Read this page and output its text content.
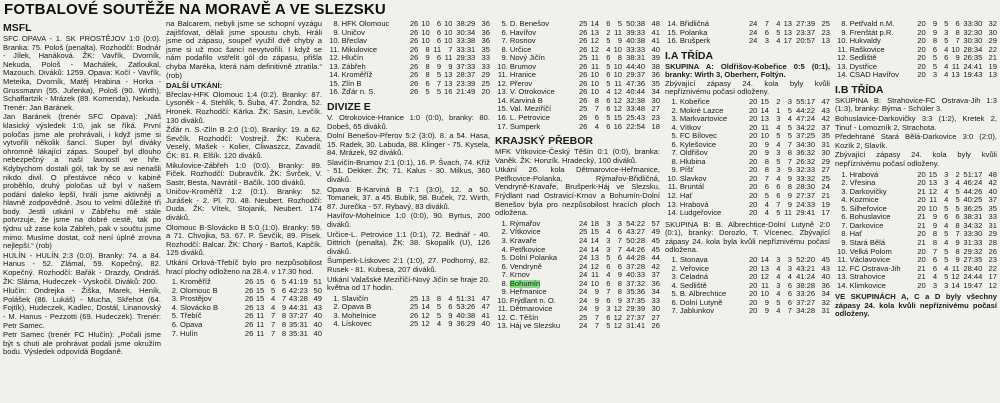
FOTBALOVÉ SOUTĚŽE NA MORAVĚ A VE SLEZSKU
MSFL

SFC OPAVA - 1. SK PROSTĚJOV 1:0 (0:0). Branka: 75. Pološ (penalta). Rozhodčí: Bodnár - Jílek, Hanáková. ŽK: Vavřík, Dvorník, Nekuda, Pološ - Machálek, Zatloukal, Mazouch. Diváků: 1259. Opava: Kočí - Vavřík, Meteika, Dvorník, Matěj Hrabina - Horka - Grussmann (55. Juřenka), Pološ (90. Wirth), Schaffartzik - Mrázek (89. Komenda), Nekuda. Trenér: Jan Baránek.

Jan Baránek (trenér SFC Opava): „Náš klasický výsledek 1:0, jak se říká. První poločas jsme ale prohrávali, i když jsme si vytvořili několik šancí. Super byl diváky ohromně lákající zápas. Soupeř byl dlouho nebezpečný a naší laxností ve hře. Kdybychom dostali gól, tak by se asi nenašli nikdo divil. O přestávce něco v kabině proběhlo, druhý poločas už byl v našem podání daleko lepší, hráli jsme aktivněji a hlavně zodpovědně. Jsou to velmi důležité tři body. Jestli utkání v Zábřehu mě stále potvrzuje, že jsme na dobré cestě, tak po týdnu už zase kola Zábřeh, pak v součtu jsme mimo. Musíme dostat, což není úplně zrovna nejlepší.“ (rob)

HULÍN - HULÍN 2:3 (0:0). Branky: 74. a 84. Hanus - 52. Zlámal, 59. Kopečný, 82. Kopečný. Rozhodčí: Bařák - Drazdy, Ondráš. ŽK: Sláma, Hudeczek - Vyskočil. Diváků: 200.

Hlučín: Ondrejka - Žiška, Marek, Heník, Polášek (86. Lukáš) - Mucha, Skřehot (64. Fojtík), Hudeczek, Kadlec, Dostál, Linanovský - M. Hanus - Pezzotti (69. Hudeczek). Trenér: Petr Samec.

Petr Samec (trenér FC Hlučín): „Počali jsme být s chuti ale prohrávat podali jsme okružím bodu. Výsledek odpovídá Bogdaně.

na Balcarem, nebyli jsme se schopní vyzágu zajišťovat, dělali jsme spoustu chyb. Hráli jsme od zápasu, soupeř využil dvě chyby a jsme si už moc šancí nevytvořili. I když se nám podařilo vstřelit gól do zápasu, přišla chyba Maréka, která nám definitivně ztratila.“ (rob)

DALŠÍ UTKÁNÍ:

Břeclav-HFK Olomouc 1:4 (0:2). Branky: 87. Lysoněk - 4. Stehlík, 5. Šuba, 47. Žondra, 52. Hronek. Rozhodčí: Kárka. ŽK: Sasin, Levčík. 130 diváků.

Žďár n. S.-Zlín B 2:0 (1:0). Branky: 19. a 62. Ševčík. Rozhodčí: Vostrejž. ŽK: Kučera, Veselý, Mašek - Kolier, Cliwaszcz, Zavadil. ČK: 81. R. Elšík. 120 diváků.

Mikulovice-Zábřeh 1:0 (0:0). Branky: 89. Fiček. Rozhodčí: Dubravčík. ŽK: Švrček, V. Sastr, Besta, Navrátil - Bačík. 100 diváků.

Uničov-Kroměříž 1:2 (0:1). Branky: 52. Jurášek - 2. Pl. 70. 48. Neubert. Rozhodčí: Duda. ŽK: Vítek, Stojanik, Neubert. 174 diváků.

Olomouc B-Slovácko B 5:0 (1:0). Branky: 59. a 71. Chvojka, 53. 67. P. Ševčík, 89. Písek. Rozhodčí: Balcar. ŽK: Chorý - Bartoš, Kapčík. 125 diváků.

Utkání Orlová-Třebíč bylo pro nezpůsobilost hrací plochy odloženo na 28.4. v 17.30 hod.

1.	Kroměříž	26	15	6	5	41:19	51
2.	Olomouc B	26	15	5	6	42:23	50
3.	Prostějov	26	15	4	7	43:28	49
4.	Slovácko B	26	13	4	9	44:31	43
5.	Třebíč	26	11	7	8	37:27	40
6.	Opava	26	11	7	8	35:31	40
7.	Hulín	26	11	7	8	35:31	40
8.	HFK Olomouc	26	10	6	10	38:29	36
9.	Uničov	26	10	6	10	30:34	36
10.	Břeclav	26	10	6	10	33:38	36
11.	Mikulovice	26	8	11	7	33:31	35
12.	Hlučín	26	9	6	11	29:33	33
13.	Zábřeh	26	8	9	9	37:33	33
14.	Kroměříž	26	8	5	13	28:37	29
15.	Zlín B	26	6	7	13	23:39	25
16.	Žďár n. S.	26	5	5	16	21:49	20
DIVIZE E

V. Otrokovice-Hranice 1:0 (0:0), branky: 80. Dobeš, 65 diváků.

Dolní Benešov-Přerov 5:2 (3:0). 8. a 54. Hasa, 15. Radek, 30. Labuda, 88. Klinger - 75. Kysela, 84. Mrázek, 92 diváků.

Slavičín-Brumov 2:1 (0:1), 16. P. Švach, 74. Kříž - 51. Dekker. ŽK: 71. Kalus - 30. Milkus, 360 diváků.

Opava B-Karviná B 7:1 (3:0), 12. a 50. Tomanek, 37. a 45. Bubík, 58. Buček, 72. Wirth, 87. Jurečka - 57. Rybavý, 83 diváků.

Havířov-Mohelnice 1:0 (0:0), 90. Byrtus, 200 diváků.

Určice-L. Petrovice 1:1 (0:1), 72. Bednář - 40. Dittrich (penalta). ŽK: 38. Skopalík (U), 126 diváků.

Šumperk-Lískovec 2:1 (1:0), 27. Podhorný, 82. Rusek - 81. Kubesa, 207 diváků.

Utkání Valašské Meziříčí-Nový Jičín se hraje 20. května od 17 hodin.

1.	Slavičín	25	13	8	4	51:31	47
2.	Opava B	25	14	5	6	53:26	47
3.	Mohelnice	26	12	5	9	40:38	41
4.	Lískovec	25	12	4	9	36:29	40
5.	D. Benešov	25	14	6	5	50:38	48
6.	Havířov	26	13	2	11	39:33	41
7.	Rosnov	26	12	5	9	40:38	41
8.	Určice	26	12	4	10	33:33	40
9.	Nový Jičín	25	11	6	8	38:31	39
10.	Brumov	26	11	5	10	44:40	38
11.	Hranice	26	10	6	10	29:37	36
12.	Přerov	26	10	5	11	47:36	35
13.	V. Otrokovice	26	10	4	12	40:44	34
14.	Karviná B	26	8	6	12	32:38	30
15.	Val. Meziříčí	25	7	6	12	33:48	27
16.	L. Petrovice	26	6	5	15	25:43	23
17.	Šumperk	26	4	6	16	22:54	18
KRAJSKÝ PŘEBOR

MFK Vítkovice-Český Těšín 0:1 (0:0), branka: Vaněk. ŽK: Honzík. Hradecký, 100 diváků.

Utkání 26. kola Dětmarovice-Heřmanice, Petřkovice-Polanka, Rýmařov-Břidličná, Vendryně-Kravaře, Brušperk-Háj ve Slezsku, Frýdlant nad Ostravicí-Krnov a Bohumín-Dolní Benešov byla pro nezpůsobilost hracích ploch odložena.

1.	Rýmařov	24	18	3	3	54:22	57
2.	Vítkovice	25	15	4	6	43:27	49
3.	Kravaře	24	14	3	7	50:28	45
4.	Petřkovice	24	14	3	7	44:26	45
5.	Dolní Polanka	24	13	5	6	44:28	44
6.	Vendryně	24	12	6	6	37:28	42
7.	Krnov	24	11	4	9	40:33	37
8.	Bohumín	24	10	6	8	37:32	36
9.	Heřmanice	24	9	7	8	35:36	34
10.	Frýdlant n. O.	24	9	6	9	37:35	33
11.	Dětmarovice	24	9	3	12	29:39	30
12.	Č. Těšín	25	7	6	12	27:37	27
13.	Háj ve Slezsku	24	7	5	12	31:41	26
14.	Břidličná	24	7	4	13	27:39	25
15.	Polanka	24	6	5	13	23:37	23
16.	Brušperk	24	3	4	17	20:57	13
I.A TŘÍDA

SKUPINA A: Oldřišov-Kobeřice 0:5 (0:1), branky: Wirth 3, Oberherr, Foltýn.

Zbývající zápasy 24. kola byly kvůli nepříznivému počasí odloženy.

1.	Kobeřice	20	15	2	3	55:17	47
2.	Mokré Lazce	20	14	1	5	44:22	43
3.	Markvartovice	20	13	3	4	47:24	42
4.	Vítkov	20	11	4	5	34:22	37
5.	FC Bílovec	20	10	5	5	37:25	35
6.	Kylešovice	20	9	4	7	34:30	31
7.	Oldřišov	20	9	3	8	36:32	30
8.	Hlubina	20	8	5	7	26:32	29
9.	Píšť	20	8	3	9	32:33	27
10.	Slavkov	20	7	4	9	33:32	25
11.	Bruntál	20	6	6	8	28:30	24
12.	Hať	20	5	6	9	27:37	21
13.	Hrabová	20	4	7	9	24:33	19
14.	Ludgeřovice	20	4	5	11	29:41	17

SKUPINA B: B. Albrechtice-Dolní Lutyně 2:0 (0:1), branky: Dorozlo, T. Vícenec. Zbývající zápasy 24. kola byla kvůli nepříznivému počasí odložena.

1.	Stonava	20	14	3	3	52:20	45
2.	Veřovice	20	13	4	3	43:21	43
3.	Čeladná	20	12	4	4	41:24	40
4.	Sedliště	20	11	3	6	38:28	36
5.	B. Albrechtice	20	10	4	6	33:26	34
6.	Dolní Lutyně	20	9	5	6	37:27	32
7.	Jablunkov	20	9	4	7	34:28	31
8.	Petřvald n.M.	20	9	5	6	33:30	32
9.	Frenštát p.R.	20	9	3	8	32:30	30
10.	Hukvaldy	20	8	5	7	30:30	29
11.	Raškovice	20	6	4	10	28:34	22
12.	Sedliště	20	5	6	9	26:35	21
13.	Dystřice	20	5	4	11	24:41	19
14.	ČSAD Havířov	20	3	4	13	19:43	13
I.B TŘÍDA

SKUPINA B: Strahovice-FC Ostrava-Jih 1:3 (1:3), branky: Býma - Schüler 3.

Bohuslavice-Darkovičky 3:3 (1:2), Kretek 2, Tinuf - Lomozník 2, Strachota.

Předehrané Stará Bělá-Darkovice 3:0 (2:0), Kozík 2, Slavík.

Zbývající zápasy 24. kola byly kvůli nepříznivému počasí odloženy.

1.	Hrabová	20	15	3	2	51:17	48
2.	Vřesina	20	13	3	4	46:24	42
3.	Darkovičky	21	12	4	5	44:26	40
4.	Kozmice	20	11	4	5	40:25	37
5.	Šilheřovice	20	10	5	5	36:25	35
6.	Bohuslavice	21	9	6	6	38:31	33
7.	Darkovice	21	9	4	8	34:32	31
8.	Hať	20	8	5	7	33:30	29
9.	Stará Bělá	21	8	4	9	31:33	28
10.	Velká Polom	20	7	5	8	29:32	26
11.	Václavovice	20	6	5	9	27:35	23
12.	FC Ostrava-Jih	21	6	4	11	28:40	22
13.	Strahovice	21	4	5	12	24:44	17
14.	Klimkovice	20	3	3	14	19:47	12

VE SKUPINÁCH A, C a D byly všechny zápasy 24. kola kvůli nepříznivému počasí odloženy.
